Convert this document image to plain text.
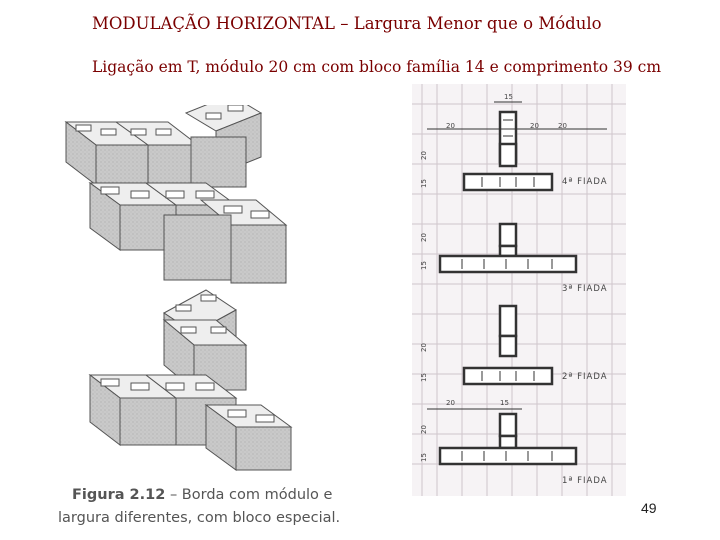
MODULAÇÃO HORIZONTAL – Largura Menor que o Módulo

Ligação em T, módulo 20 cm com bloco família 14 e comprimento 39 cm

15
20	20	20
20	15
20
15
20
15
20
15
20
15
4ª FIADA
3ª FIADA
2ª FIADA
1ª FIADA
Figura 2.12 – Borda com módulo e
largura diferentes, com bloco especial.
49
